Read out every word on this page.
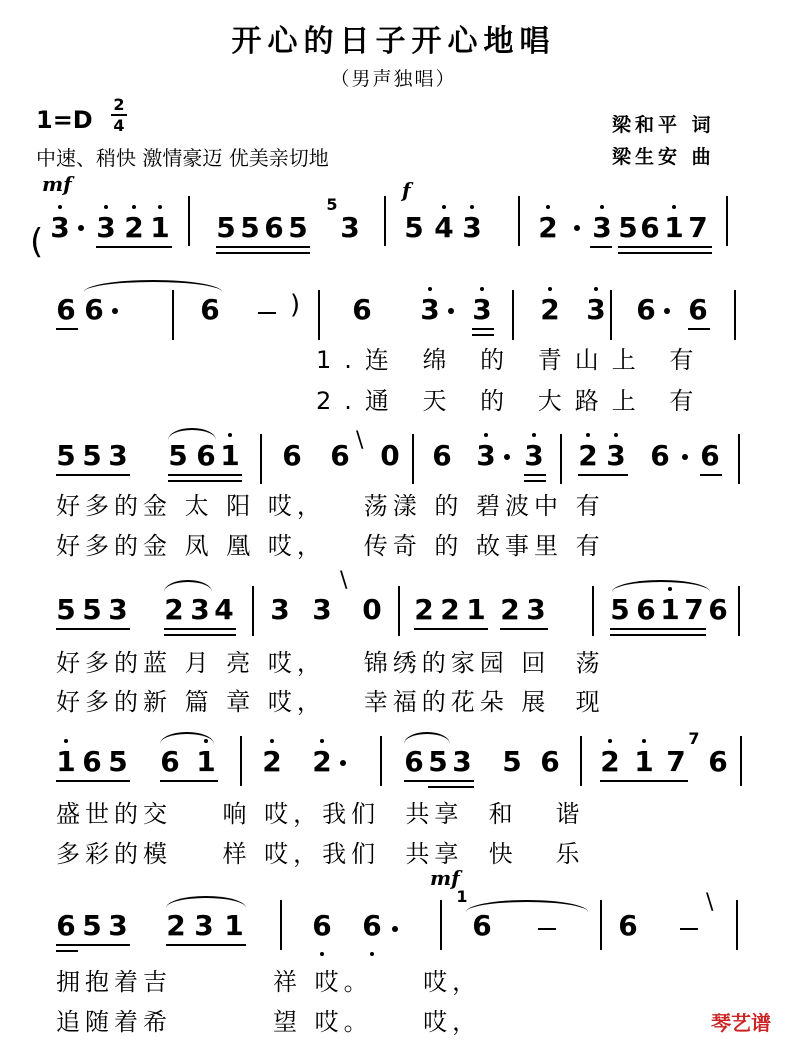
开心的日子开心地唱
（男声独唱）
1=D
2
4
中速、稍快 激情豪迈 优美亲切地
梁和平 词
梁生安 曲
mf	f
( 3 3 2 1 5 5 6 5 3 5 4 3 2 3 5 6 1 7
5
6 6	6	6 3 3 2 3 6 6
)
1.连 绵 的 青山上 有
2.通 天 的 大路上 有
5 5 3 5 6 1 6 6 0 6 3 3 2 3 6 6
\
好多的金 太 阳 哎，   荡漾 的 碧波中 有
好多的金 凤 凰 哎，   传奇 的 故事里 有
5 5 3 2 3 4 3 3 0 2 2 1 2 3 5 6 1 7 6
\
好多的蓝 月 亮 哎，   锦绣的家园 回  荡
好多的新 篇 章 哎，   幸福的花朵 展  现
1 6 5 6 1 2 2	6 5 3 5 6 2 1 7 6
7
盛世的交    响 哎，我们  共享  和   谐
多彩的模    样 哎，我们  共享  快   乐
mf
6 5 3 2 3 1 6 6	6	6
1	\
拥抱着吉        祥 哎。    哎，
追随着希        望 哎。    哎，	琴艺谱
